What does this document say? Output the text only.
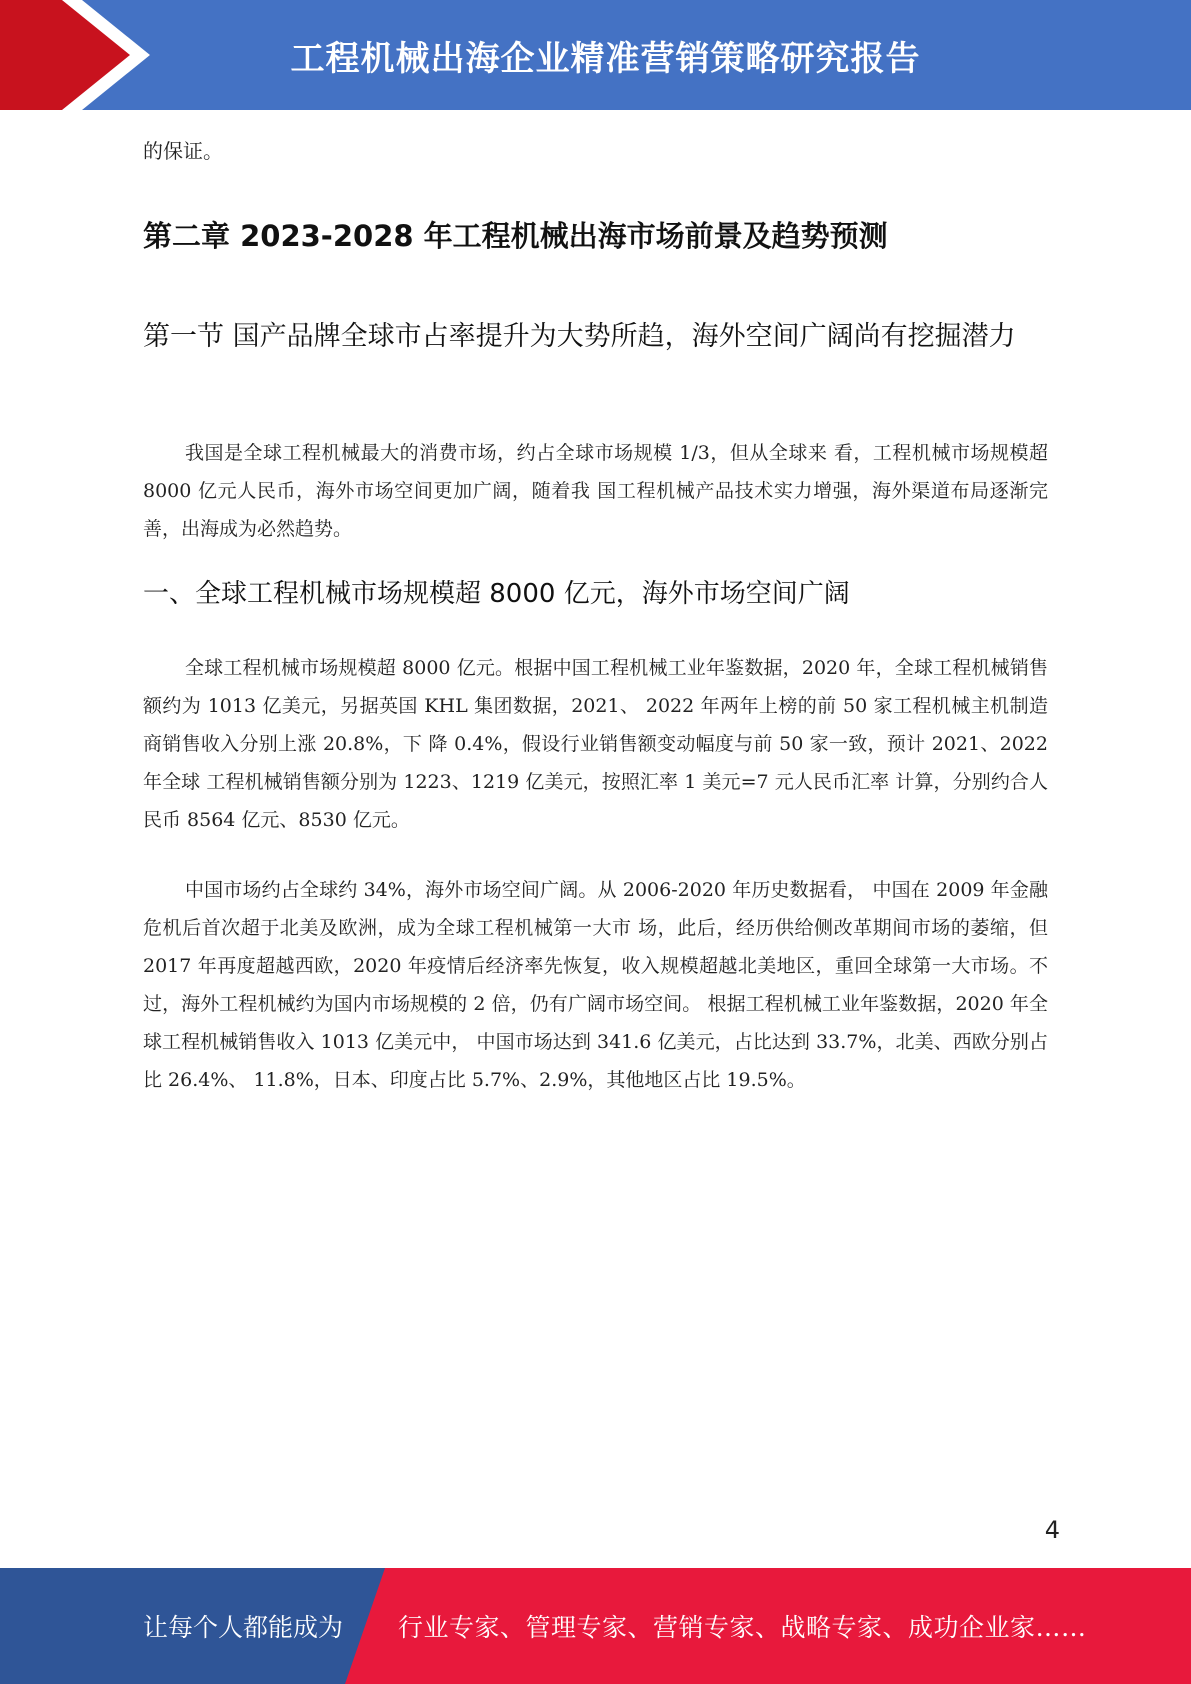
工程机械出海企业精准营销策略研究报告
的保证。
第二章 2023-2028 年工程机械出海市场前景及趋势预测
第一节 国产品牌全球市占率提升为大势所趋，海外空间广阔尚有挖掘潜力

我国是全球工程机械最大的消费市场，约占全球市场规模 1/3，但从全球来 看，工程机械市场规模超 8000 亿元人民币，海外市场空间更加广阔，随着我 国工程机械产品技术实力增强，海外渠道布局逐渐完善，出海成为必然趋势。

一、全球工程机械市场规模超 8000 亿元，海外市场空间广阔

全球工程机械市场规模超 8000 亿元。根据中国工程机械工业年鉴数据，2020 年，全球工程机械销售额约为 1013 亿美元，另据英国 KHL 集团数据，2021、 2022 年两年上榜的前 50 家工程机械主机制造商销售收入分别上涨 20.8%，下 降 0.4%，假设行业销售额变动幅度与前 50 家一致，预计 2021、2022 年全球 工程机械销售额分别为 1223、1219 亿美元，按照汇率 1 美元=7 元人民币汇率 计算，分别约合人民币 8564 亿元、8530 亿元。

中国市场约占全球约 34%，海外市场空间广阔。从 2006-2020 年历史数据看， 中国在 2009 年金融危机后首次超于北美及欧洲，成为全球工程机械第一大市 场，此后，经历供给侧改革期间市场的萎缩，但 2017 年再度超越西欧，2020 年疫情后经济率先恢复，收入规模超越北美地区，重回全球第一大市场。不 过，海外工程机械约为国内市场规模的 2 倍，仍有广阔市场空间。 根据工程机械工业年鉴数据，2020 年全球工程机械销售收入 1013 亿美元中， 中国市场达到 341.6 亿美元，占比达到 33.7%，北美、西欧分别占比 26.4%、 11.8%，日本、印度占比 5.7%、2.9%，其他地区占比 19.5%。

4
让每个人都能成为 行业专家、管理专家、营销专家、战略专家、成功企业家……
